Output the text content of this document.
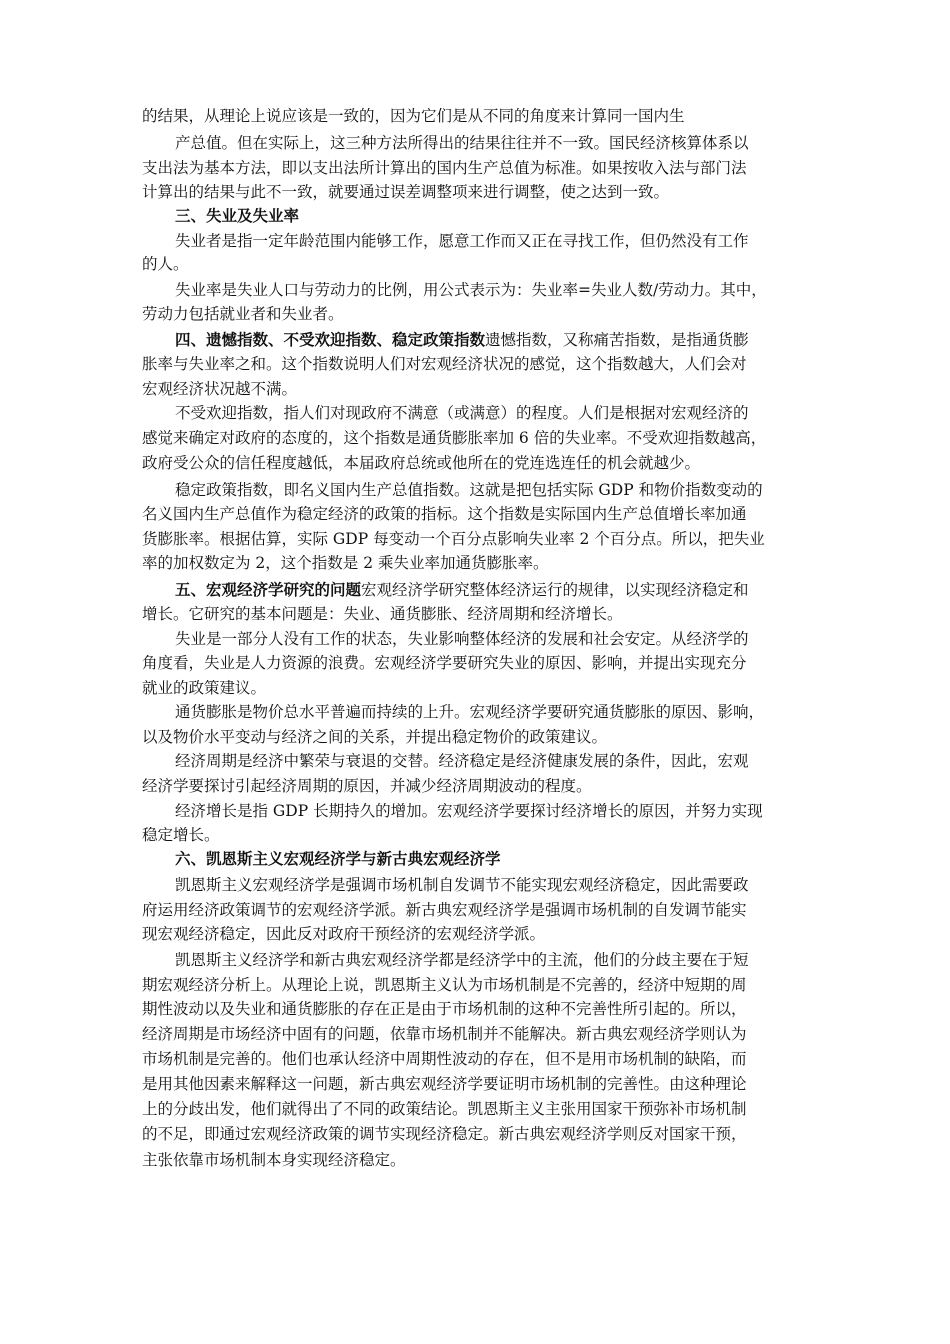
的结果，从理论上说应该是一致的，因为它们是从不同的角度来计算同一国内生
产总值。但在实际上，这三种方法所得出的结果往往并不一致。国民经济核算体系以
支出法为基本方法，即以支出法所计算出的国内生产总值为标准。如果按收入法与部门法
计算出的结果与此不一致，就要通过误差调整项来进行调整，使之达到一致。
三、失业及失业率
失业者是指一定年龄范围内能够工作，愿意工作而又正在寻找工作，但仍然没有工作
的人。
失业率是失业人口与劳动力的比例，用公式表示为：失业率=失业人数/劳动力。其中，
劳动力包括就业者和失业者。
四、遗憾指数、不受欢迎指数、稳定政策指数遗憾指数，又称痛苦指数，是指通货膨
胀率与失业率之和。这个指数说明人们对宏观经济状况的感觉，这个指数越大，人们会对
宏观经济状况越不满。
不受欢迎指数，指人们对现政府不满意（或满意）的程度。人们是根据对宏观经济的
感觉来确定对政府的态度的，这个指数是通货膨胀率加 6 倍的失业率。不受欢迎指数越高，
政府受公众的信任程度越低，本届政府总统或他所在的党连选连任的机会就越少。
稳定政策指数，即名义国内生产总值指数。这就是把包括实际 GDP 和物价指数变动的
名义国内生产总值作为稳定经济的政策的指标。这个指数是实际国内生产总值增长率加通
货膨胀率。根据估算，实际 GDP 每变动一个百分点影响失业率 2 个百分点。所以，把失业
率的加权数定为 2，这个指数是 2 乘失业率加通货膨胀率。
五、宏观经济学研究的问题宏观经济学研究整体经济运行的规律，以实现经济稳定和
增长。它研究的基本问题是：失业、通货膨胀、经济周期和经济增长。
失业是一部分人没有工作的状态，失业影响整体经济的发展和社会安定。从经济学的
角度看，失业是人力资源的浪费。宏观经济学要研究失业的原因、影响，并提出实现充分
就业的政策建议。
通货膨胀是物价总水平普遍而持续的上升。宏观经济学要研究通货膨胀的原因、影响，
以及物价水平变动与经济之间的关系，并提出稳定物价的政策建议。
经济周期是经济中繁荣与衰退的交替。经济稳定是经济健康发展的条件，因此，宏观
经济学要探讨引起经济周期的原因，并减少经济周期波动的程度。
经济增长是指 GDP 长期持久的增加。宏观经济学要探讨经济增长的原因，并努力实现
稳定增长。
六、凯恩斯主义宏观经济学与新古典宏观经济学
凯恩斯主义宏观经济学是强调市场机制自发调节不能实现宏观经济稳定，因此需要政
府运用经济政策调节的宏观经济学派。新古典宏观经济学是强调市场机制的自发调节能实
现宏观经济稳定，因此反对政府干预经济的宏观经济学派。
凯恩斯主义经济学和新古典宏观经济学都是经济学中的主流，他们的分歧主要在于短
期宏观经济分析上。从理论上说，凯恩斯主义认为市场机制是不完善的，经济中短期的周
期性波动以及失业和通货膨胀的存在正是由于市场机制的这种不完善性所引起的。所以，
经济周期是市场经济中固有的问题，依靠市场机制并不能解决。新古典宏观经济学则认为
市场机制是完善的。他们也承认经济中周期性波动的存在，但不是用市场机制的缺陷，而
是用其他因素来解释这一问题，新古典宏观经济学要证明市场机制的完善性。由这种理论
上的分歧出发，他们就得出了不同的政策结论。凯恩斯主义主张用国家干预弥补市场机制
的不足，即通过宏观经济政策的调节实现经济稳定。新古典宏观经济学则反对国家干预，
主张依靠市场机制本身实现经济稳定。
